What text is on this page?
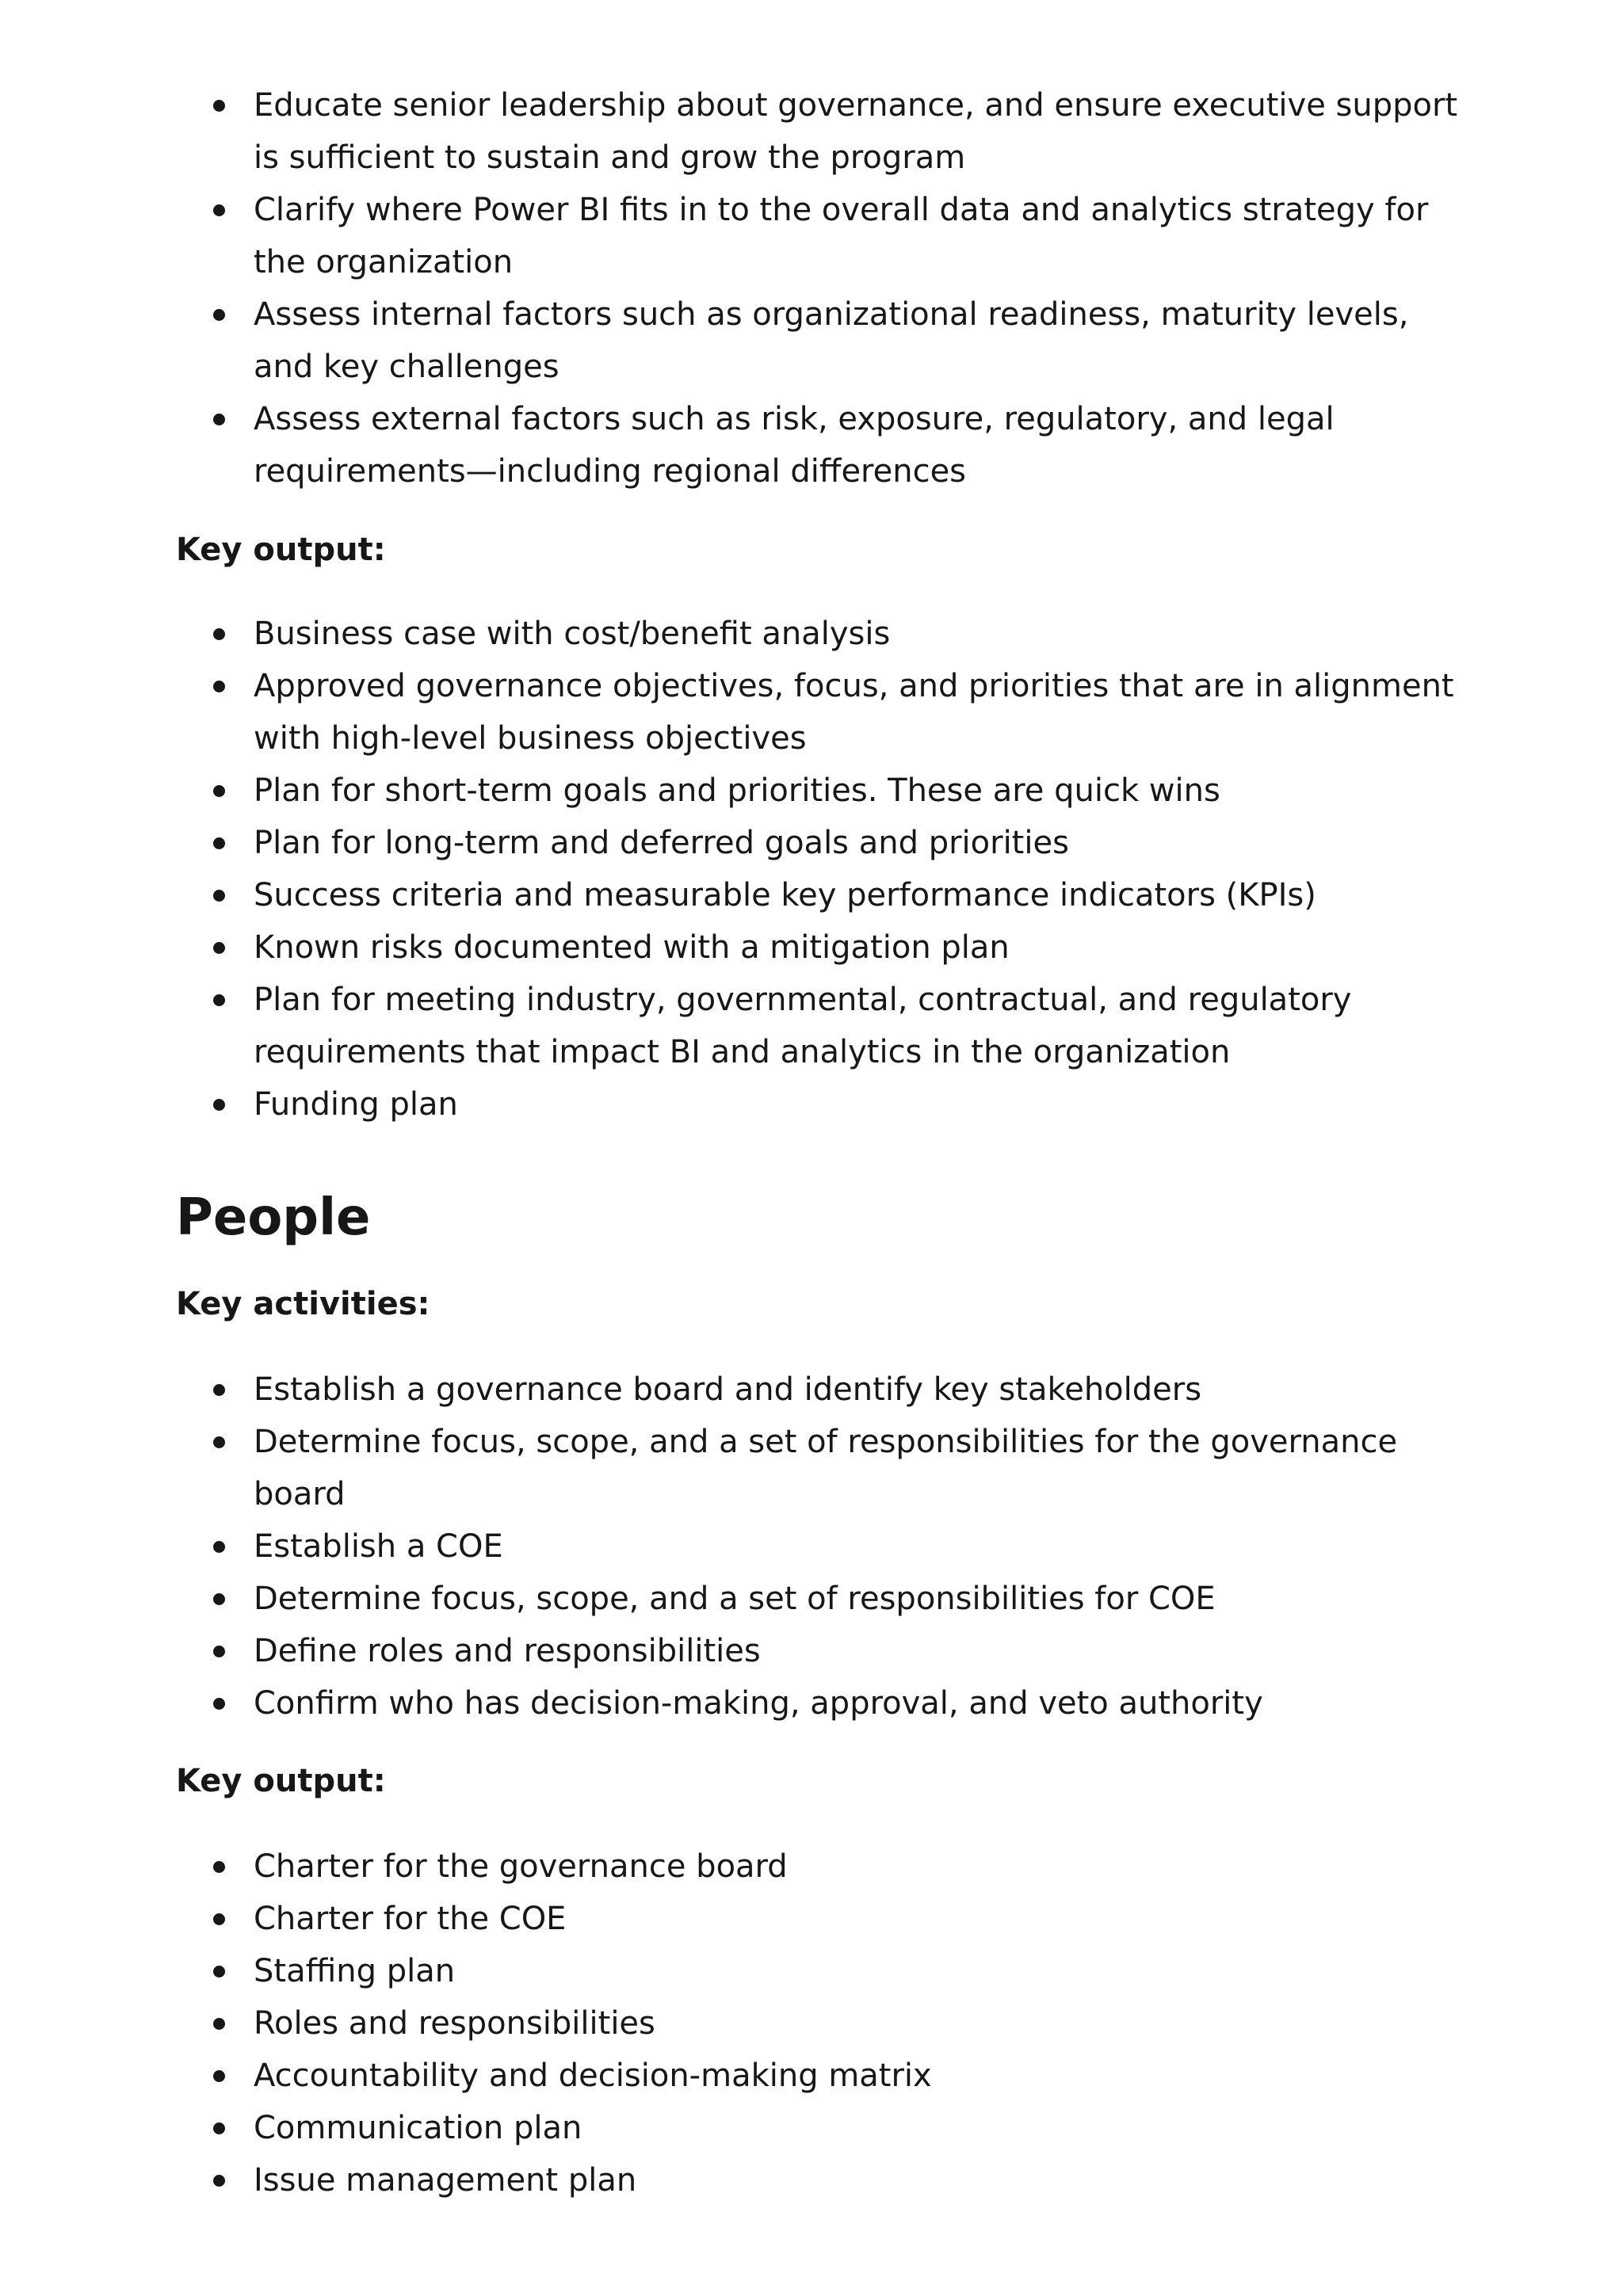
Educate senior leadership about governance, and ensure executive support is sufficient to sustain and grow the program
Clarify where Power BI fits in to the overall data and analytics strategy for the organization
Assess internal factors such as organizational readiness, maturity levels, and key challenges
Assess external factors such as risk, exposure, regulatory, and legal requirements—including regional differences

Key output:

Business case with cost/benefit analysis
Approved governance objectives, focus, and priorities that are in alignment with high-level business objectives
Plan for short-term goals and priorities. These are quick wins
Plan for long-term and deferred goals and priorities
Success criteria and measurable key performance indicators (KPIs)
Known risks documented with a mitigation plan
Plan for meeting industry, governmental, contractual, and regulatory requirements that impact BI and analytics in the organization
Funding plan
People

Key activities:

Establish a governance board and identify key stakeholders
Determine focus, scope, and a set of responsibilities for the governance board
Establish a COE
Determine focus, scope, and a set of responsibilities for COE
Define roles and responsibilities
Confirm who has decision-making, approval, and veto authority

Key output:

Charter for the governance board
Charter for the COE
Staffing plan
Roles and responsibilities
Accountability and decision-making matrix
Communication plan
Issue management plan
